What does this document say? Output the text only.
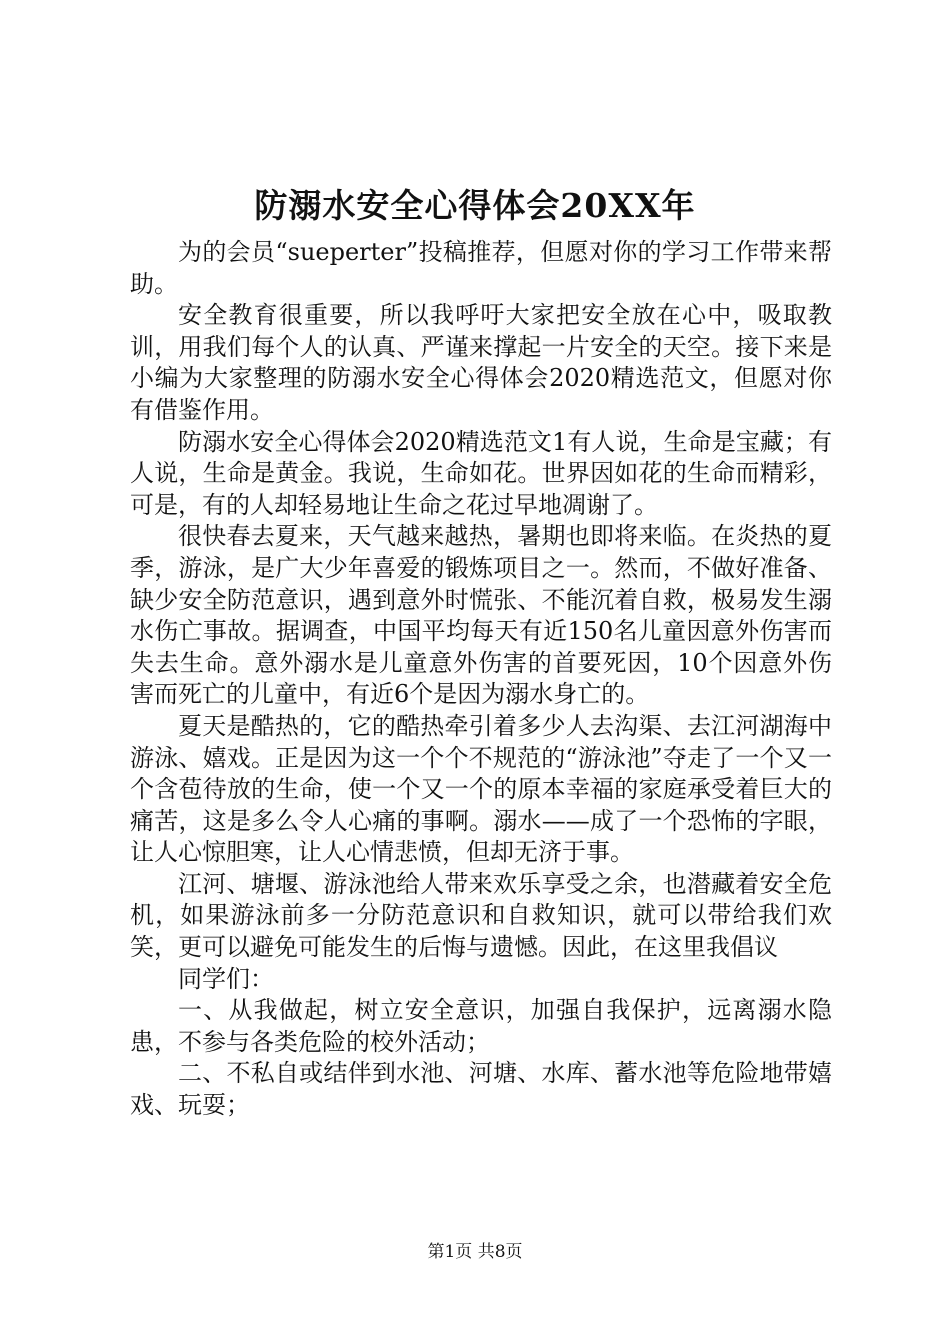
防溺水安全心得体会20XX年

为的会员“sueperter”投稿推荐，但愿对你的学习工作带来帮助。

安全教育很重要，所以我呼吁大家把安全放在心中，吸取教训，用我们每个人的认真、严谨来撑起一片安全的天空。接下来是小编为大家整理的防溺水安全心得体会2020精选范文，但愿对你有借鉴作用。

防溺水安全心得体会2020精选范文1有人说，生命是宝藏；有人说，生命是黄金。我说，生命如花。世界因如花的生命而精彩，可是，有的人却轻易地让生命之花过早地凋谢了。

很快春去夏来，天气越来越热，暑期也即将来临。在炎热的夏季，游泳，是广大少年喜爱的锻炼项目之一。然而，不做好准备、缺少安全防范意识，遇到意外时慌张、不能沉着自救，极易发生溺水伤亡事故。据调查，中国平均每天有近150名儿童因意外伤害而失去生命。意外溺水是儿童意外伤害的首要死因，10个因意外伤害而死亡的儿童中，有近6个是因为溺水身亡的。

夏天是酷热的，它的酷热牵引着多少人去沟渠、去江河湖海中游泳、嬉戏。正是因为这一个个不规范的“游泳池”夺走了一个又一个含苞待放的生命，使一个又一个的原本幸福的家庭承受着巨大的痛苦，这是多么令人心痛的事啊。溺水——成了一个恐怖的字眼，让人心惊胆寒，让人心情悲愤，但却无济于事。

江河、塘堰、游泳池给人带来欢乐享受之余，也潜藏着安全危机，如果游泳前多一分防范意识和自救知识，就可以带给我们欢笑，更可以避免可能发生的后悔与遗憾。因此，在这里我倡议

同学们：

一、从我做起，树立安全意识，加强自我保护，远离溺水隐患，不参与各类危险的校外活动；

二、不私自或结伴到水池、河塘、水库、蓄水池等危险地带嬉戏、玩耍；

第1页 共8页
